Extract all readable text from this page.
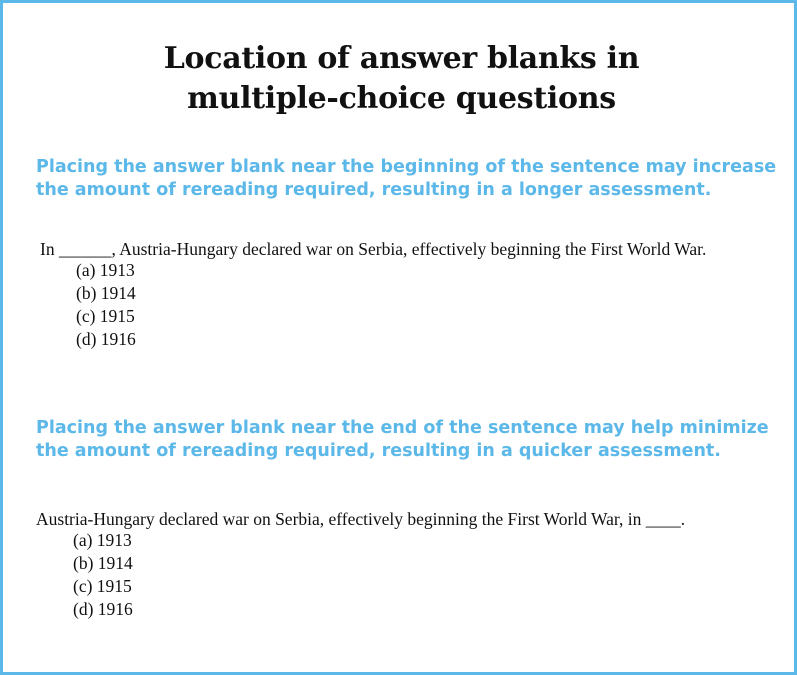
Location of answer blanks in
multiple-choice questions
Placing the answer blank near the beginning of the sentence may increase
the amount of rereading required, resulting in a longer assessment.
In ______, Austria-Hungary declared war on Serbia, effectively beginning the First World War.
(a) 1913
(b) 1914
(c) 1915
(d) 1916
Placing the answer blank near the end of the sentence may help minimize
the amount of rereading required, resulting in a quicker assessment.
Austria-Hungary declared war on Serbia, effectively beginning the First World War, in ____.
(a) 1913
(b) 1914
(c) 1915
(d) 1916
